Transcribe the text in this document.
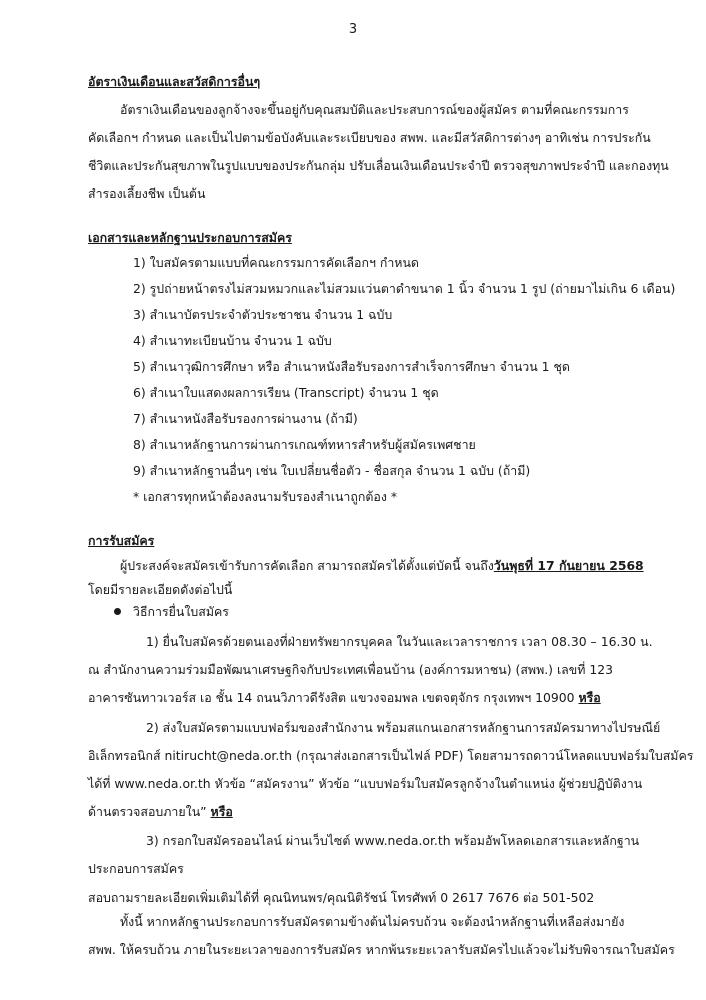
3
อัตราเงินเดือนและสวัสดิการอื่นๆ
อัตราเงินเดือนของลูกจ้างจะขึ้นอยู่กับคุณสมบัติและประสบการณ์ของผู้สมัคร ตามที่คณะกรรมการ
คัดเลือกฯ กำหนด และเป็นไปตามข้อบังคับและระเบียบของ สพพ. และมีสวัสดิการต่างๆ อาทิเช่น การประกัน
ชีวิตและประกันสุขภาพในรูปแบบของประกันกลุ่ม ปรับเลื่อนเงินเดือนประจำปี ตรวจสุขภาพประจำปี และกองทุน
สำรองเลี้ยงชีพ เป็นต้น
เอกสารและหลักฐานประกอบการสมัคร
1) ใบสมัครตามแบบที่คณะกรรมการคัดเลือกฯ กำหนด
2) รูปถ่ายหน้าตรงไม่สวมหมวกและไม่สวมแว่นตาดำขนาด 1 นิ้ว จำนวน 1 รูป (ถ่ายมาไม่เกิน 6 เดือน)
3) สำเนาบัตรประจำตัวประชาชน จำนวน 1 ฉบับ
4) สำเนาทะเบียนบ้าน จำนวน 1 ฉบับ
5) สำเนาวุฒิการศึกษา หรือ สำเนาหนังสือรับรองการสำเร็จการศึกษา จำนวน 1 ชุด
6) สำเนาใบแสดงผลการเรียน (Transcript) จำนวน 1 ชุด
7) สำเนาหนังสือรับรองการผ่านงาน (ถ้ามี)
8) สำเนาหลักฐานการผ่านการเกณฑ์ทหารสำหรับผู้สมัครเพศชาย
9) สำเนาหลักฐานอื่นๆ เช่น ใบเปลี่ยนชื่อตัว - ชื่อสกุล จำนวน 1 ฉบับ (ถ้ามี)
* เอกสารทุกหน้าต้องลงนามรับรองสำเนาถูกต้อง *
การรับสมัคร
ผู้ประสงค์จะสมัครเข้ารับการคัดเลือก สามารถสมัครได้ตั้งแต่บัดนี้ จนถึงวันพุธที่ 17 กันยายน 2568
โดยมีรายละเอียดดังต่อไปนี้
วิธีการยื่นใบสมัคร
1) ยื่นใบสมัครด้วยตนเองที่ฝ่ายทรัพยากรบุคคล ในวันและเวลาราชการ เวลา 08.30 – 16.30 น.
ณ สำนักงานความร่วมมือพัฒนาเศรษฐกิจกับประเทศเพื่อนบ้าน (องค์การมหาชน) (สพพ.) เลขที่ 123
อาคารซันทาวเวอร์ส เอ ชั้น 14 ถนนวิภาวดีรังสิต แขวงจอมพล เขตจตุจักร กรุงเทพฯ 10900 หรือ
2) ส่งใบสมัครตามแบบฟอร์มของสำนักงาน พร้อมสแกนเอกสารหลักฐานการสมัครมาทางไปรษณีย์
อิเล็กทรอนิกส์ nitirucht@neda.or.th (กรุณาส่งเอกสารเป็นไฟล์ PDF) โดยสามารถดาวน์โหลดแบบฟอร์มใบสมัคร
ได้ที่ www.neda.or.th หัวข้อ “สมัครงาน” หัวข้อ “แบบฟอร์มใบสมัครลูกจ้างในตำแหน่ง ผู้ช่วยปฏิบัติงาน
ด้านตรวจสอบภายใน” หรือ
3) กรอกใบสมัครออนไลน์ ผ่านเว็บไซต์ www.neda.or.th พร้อมอัพโหลดเอกสารและหลักฐาน
ประกอบการสมัคร
สอบถามรายละเอียดเพิ่มเติมได้ที่ คุณนิทนพร/คุณนิติรัชน์ โทรศัพท์ 0 2617 7676 ต่อ 501-502
ทั้งนี้ หากหลักฐานประกอบการรับสมัครตามข้างต้นไม่ครบถ้วน จะต้องนำหลักฐานที่เหลือส่งมายัง
สพพ. ให้ครบถ้วน ภายในระยะเวลาของการรับสมัคร หากพ้นระยะเวลารับสมัครไปแล้วจะไม่รับพิจารณาใบสมัคร
